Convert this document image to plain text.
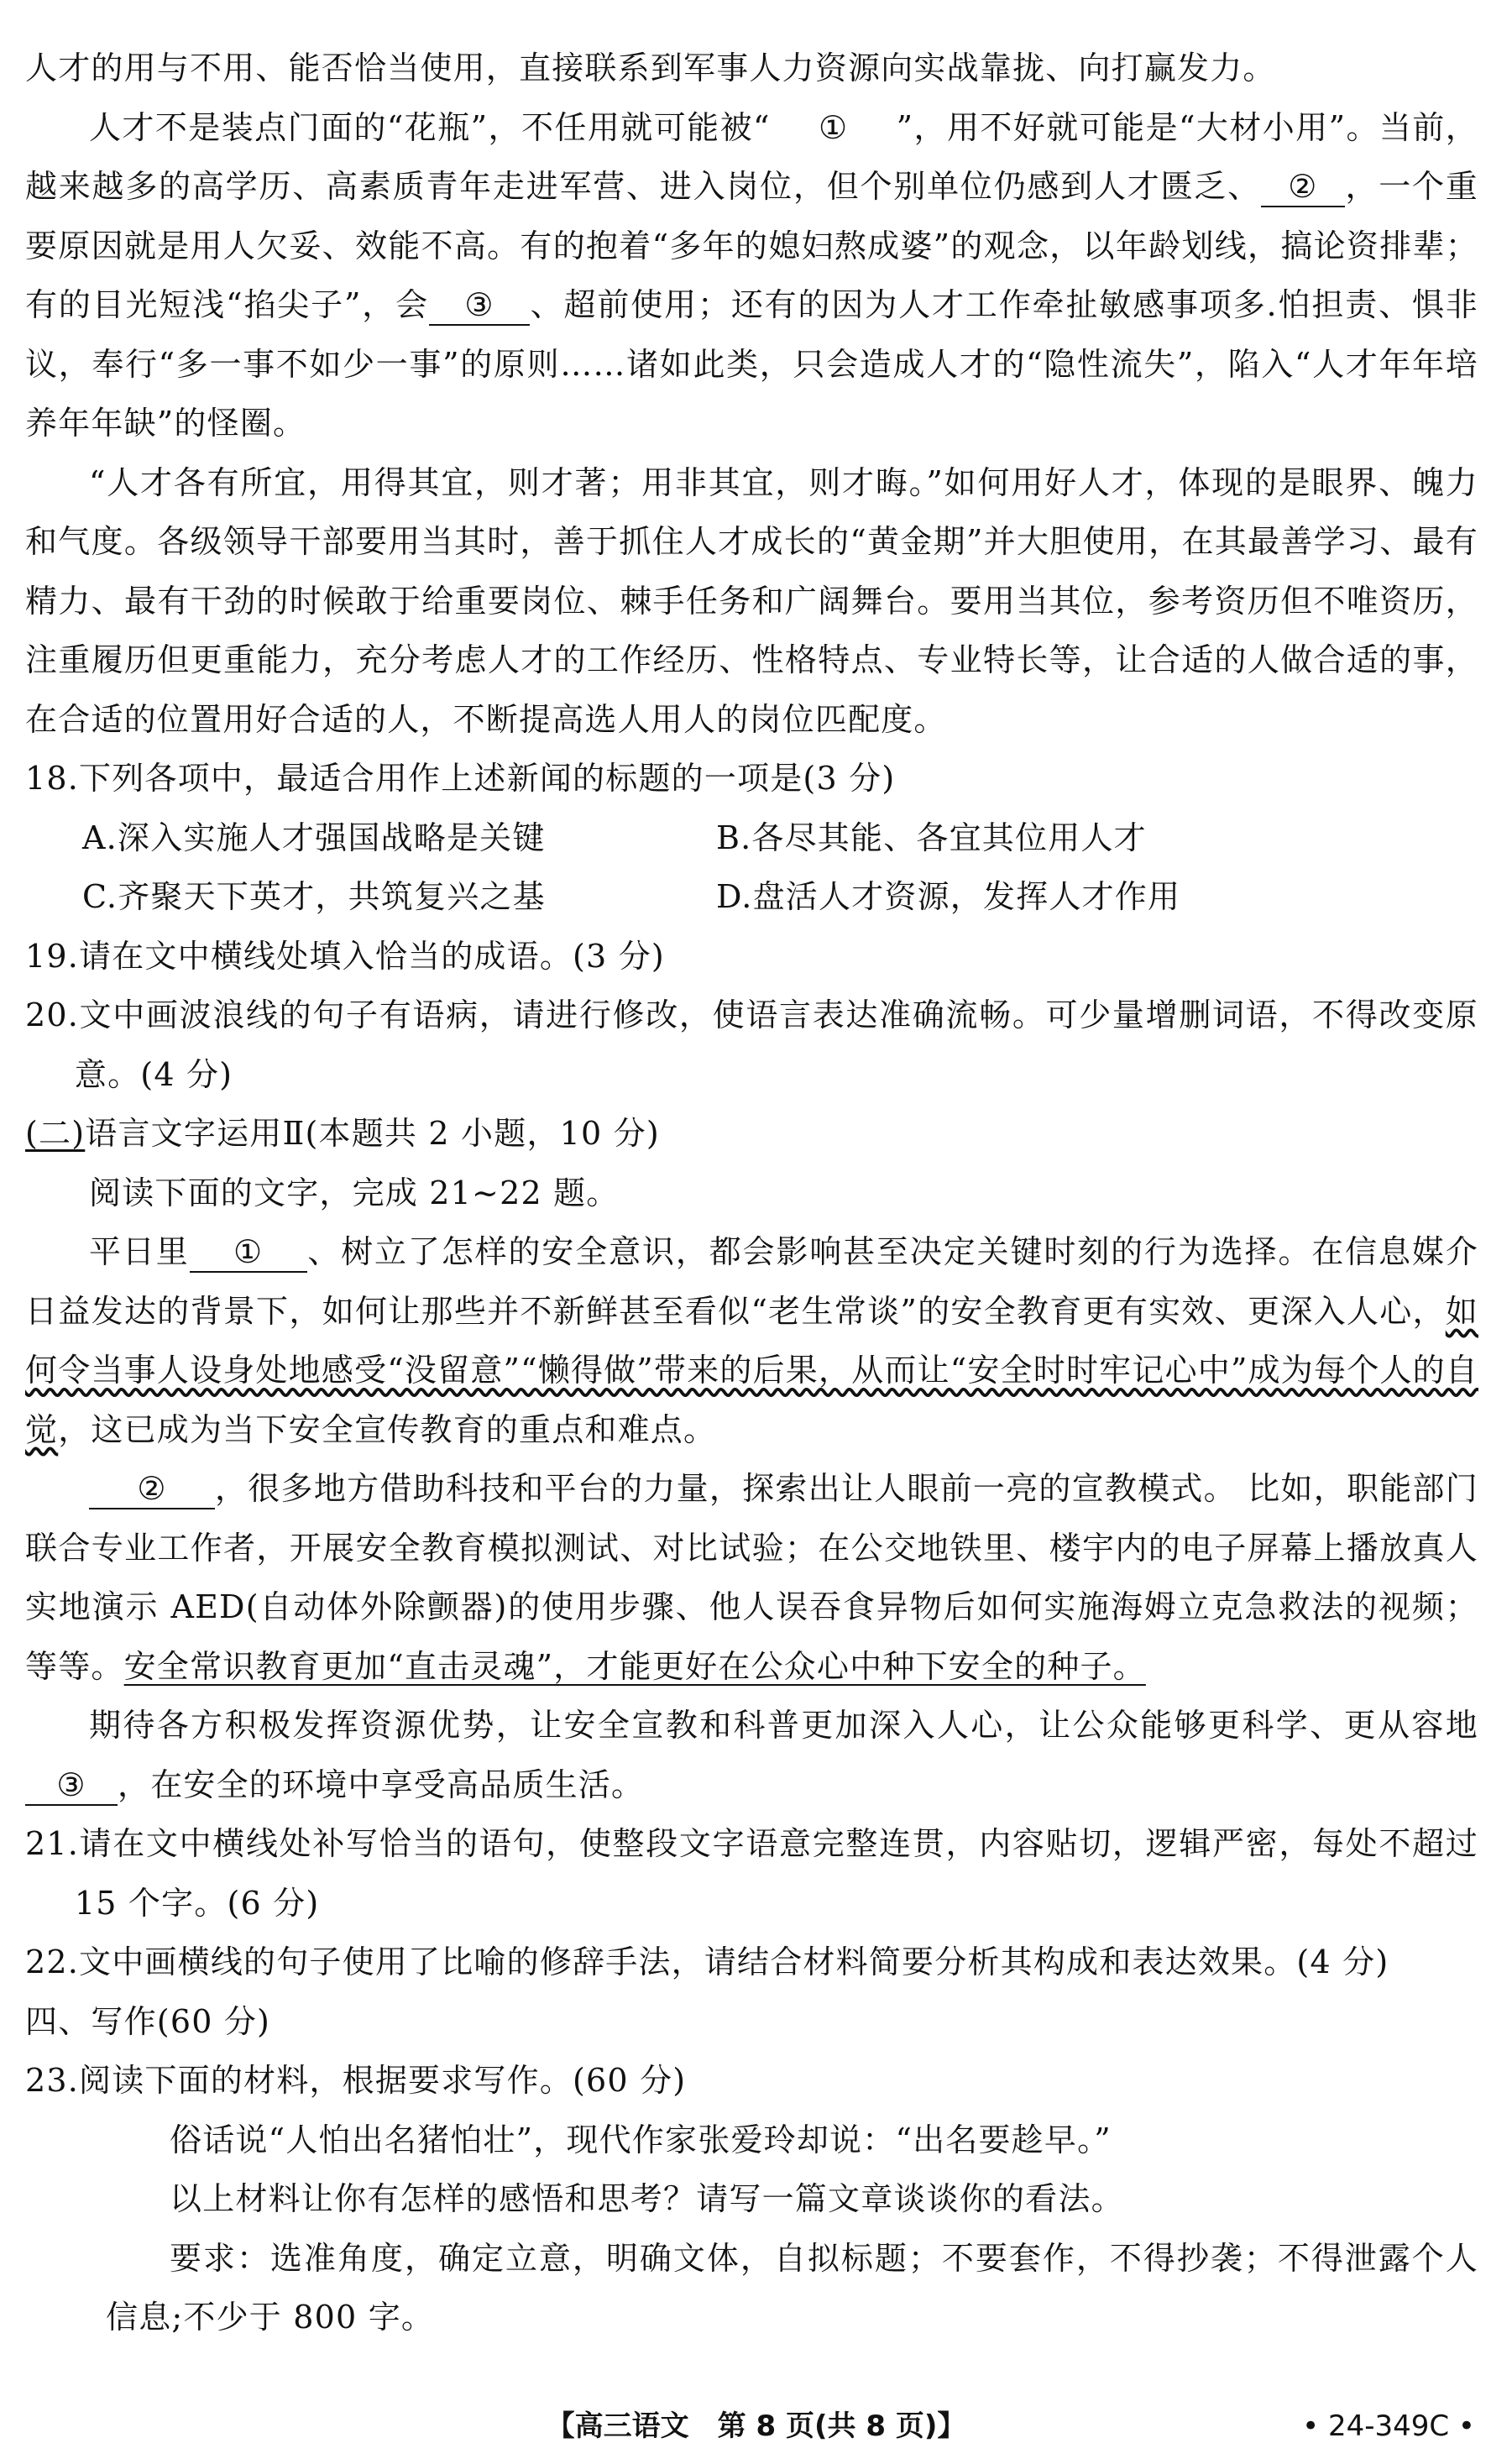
人才的用与不用、能否恰当使用，直接联系到军事人力资源向实战靠拢、向打赢发力。

人才不是装点门面的“花瓶”，不任用就可能被“ ① ”，用不好就可能是“大材小用”。当前，越来越多的高学历、高素质青年走进军营、进入岗位，但个别单位仍感到人才匮乏、 ② ，一个重要原因就是用人欠妥、效能不高。有的抱着“多年的媳妇熬成婆”的观念，以年龄划线，搞论资排辈；有的目光短浅“掐尖子”，会 ③ 、超前使用；还有的因为人才工作牵扯敏感事项多.怕担责、惧非议，奉行“多一事不如少一事”的原则……诸如此类，只会造成人才的“隐性流失”，陷入“人才年年培养年年缺”的怪圈。

“人才各有所宜，用得其宜，则才著；用非其宜，则才晦。”如何用好人才，体现的是眼界、魄力和气度。各级领导干部要用当其时，善于抓住人才成长的“黄金期”并大胆使用，在其最善学习、最有精力、最有干劲的时候敢于给重要岗位、棘手任务和广阔舞台。要用当其位，参考资历但不唯资历，注重履历但更重能力，充分考虑人才的工作经历、性格特点、专业特长等，让合适的人做合适的事，在合适的位置用好合适的人，不断提高选人用人的岗位匹配度。

18.下列各项中，最适合用作上述新闻的标题的一项是(3 分)

A.深入实施人才强国战略是关键	B.各尽其能、各宜其位用人才
C.齐聚天下英才，共筑复兴之基	D.盘活人才资源，发挥人才作用

19.请在文中横线处填入恰当的成语。(3 分)

20.文中画波浪线的句子有语病，请进行修改，使语言表达准确流畅。可少量增删词语，不得改变原意。(4 分)

(二)语言文字运用Ⅱ(本题共 2 小题，10 分)

阅读下面的文字，完成 21~22 题。

平日里 ① 、树立了怎样的安全意识，都会影响甚至决定关键时刻的行为选择。在信息媒介日益发达的背景下，如何让那些并不新鲜甚至看似“老生常谈”的安全教育更有实效、更深入人心，如何令当事人设身处地感受“没留意”“懒得做”带来的后果，从而让“安全时时牢记心中”成为每个人的自觉，这已成为当下安全宣传教育的重点和难点。

② ，很多地方借助科技和平台的力量，探索出让人眼前一亮的宣教模式。 比如，职能部门联合专业工作者，开展安全教育模拟测试、对比试验；在公交地铁里、楼宇内的电子屏幕上播放真人实地演示 AED(自动体外除颤器)的使用步骤、他人误吞食异物后如何实施海姆立克急救法的视频；等等。安全常识教育更加“直击灵魂”，才能更好在公众心中种下安全的种子。

期待各方积极发挥资源优势，让安全宣教和科普更加深入人心，让公众能够更科学、更从容地③ ，在安全的环境中享受高品质生活。

21.请在文中横线处补写恰当的语句，使整段文字语意完整连贯，内容贴切，逻辑严密，每处不超过 15 个字。(6 分)

22.文中画横线的句子使用了比喻的修辞手法，请结合材料简要分析其构成和表达效果。(4 分)

四、写作(60 分)

23.阅读下面的材料，根据要求写作。(60 分)

俗话说“人怕出名猪怕壮”，现代作家张爱玲却说：“出名要趁早。”

以上材料让你有怎样的感悟和思考？请写一篇文章谈谈你的看法。

要求：选准角度，确定立意，明确文体，自拟标题；不要套作，不得抄袭；不得泄露个人信息;不少于 800 字。

【高三语文　第 8 页(共 8 页)】	• 24-349C •
